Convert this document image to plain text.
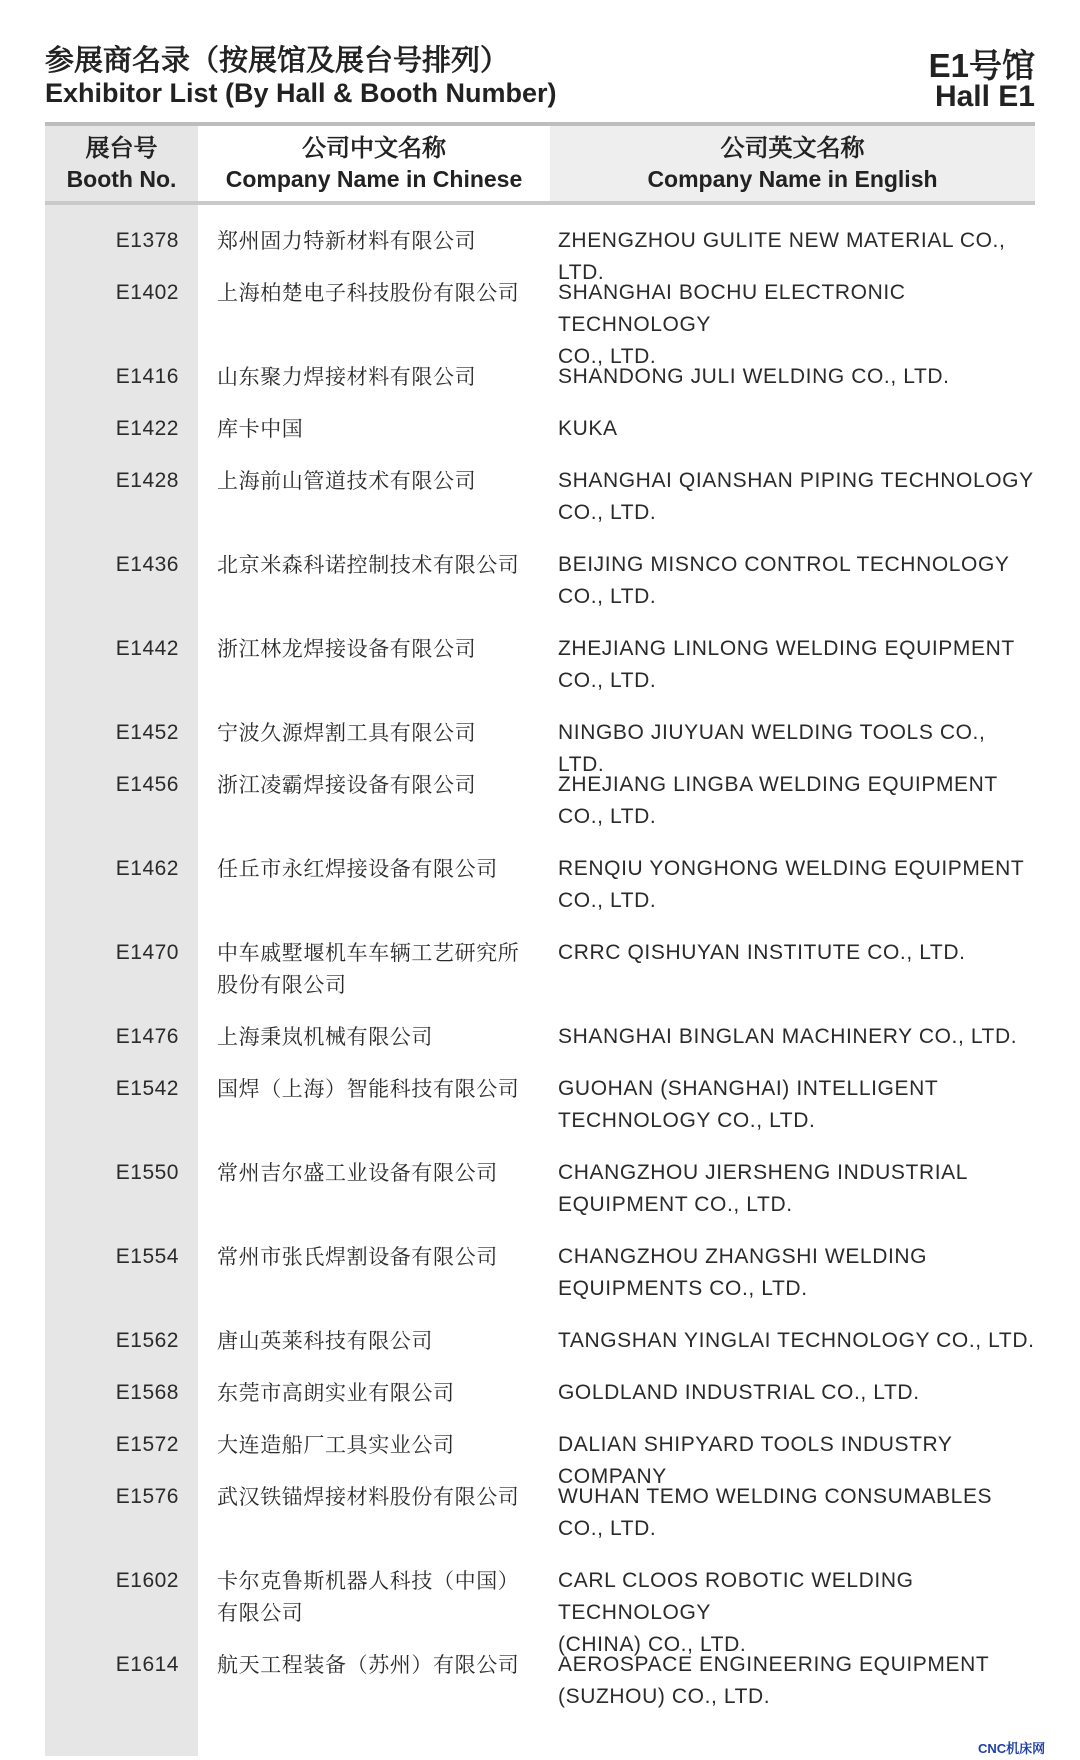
参展商名录（按展馆及展台号排列）
Exhibitor List (By Hall & Booth Number)
E1号馆
Hall E1
展台号
Booth No.
公司中文名称
Company Name in Chinese
公司英文名称
Company Name in English
E1378 郑州固力特新材料有限公司	ZHENGZHOU GULITE NEW MATERIAL CO., LTD.
E1402 上海柏楚电子科技股份有限公司	SHANGHAI BOCHU ELECTRONIC TECHNOLOGY
CO., LTD.
E1416 山东聚力焊接材料有限公司	SHANDONG JULI WELDING CO., LTD.
E1422 库卡中国	KUKA
E1428 上海前山管道技术有限公司	SHANGHAI QIANSHAN PIPING TECHNOLOGY
CO., LTD.
E1436 北京米森科诺控制技术有限公司	BEIJING MISNCO CONTROL TECHNOLOGY
CO., LTD.
E1442 浙江林龙焊接设备有限公司	ZHEJIANG LINLONG WELDING EQUIPMENT
CO., LTD.
E1452 宁波久源焊割工具有限公司	NINGBO JIUYUAN WELDING TOOLS CO., LTD.
E1456 浙江凌霸焊接设备有限公司	ZHEJIANG LINGBA WELDING EQUIPMENT
CO., LTD.
E1462 任丘市永红焊接设备有限公司	RENQIU YONGHONG WELDING EQUIPMENT
CO., LTD.
E1470 中车戚墅堰机车车辆工艺研究所
股份有限公司
CRRC QISHUYAN INSTITUTE CO., LTD.
E1476 上海秉岚机械有限公司	SHANGHAI BINGLAN MACHINERY CO., LTD.
E1542 国焊（上海）智能科技有限公司	GUOHAN (SHANGHAI) INTELLIGENT
TECHNOLOGY CO., LTD.
E1550 常州吉尔盛工业设备有限公司	CHANGZHOU JIERSHENG INDUSTRIAL
EQUIPMENT CO., LTD.
E1554 常州市张氏焊割设备有限公司	CHANGZHOU ZHANGSHI WELDING
EQUIPMENTS CO., LTD.
E1562 唐山英莱科技有限公司	TANGSHAN YINGLAI TECHNOLOGY CO., LTD.
E1568 东莞市高朗实业有限公司	GOLDLAND INDUSTRIAL CO., LTD.
E1572 大连造船厂工具实业公司	DALIAN SHIPYARD TOOLS INDUSTRY COMPANY
E1576 武汉铁锚焊接材料股份有限公司	WUHAN TEMO WELDING CONSUMABLES
CO., LTD.
E1602 卡尔克鲁斯机器人科技（中国）
有限公司
CARL CLOOS ROBOTIC WELDING TECHNOLOGY
(CHINA) CO., LTD.
E1614 航天工程装备（苏州）有限公司	AEROSPACE ENGINEERING EQUIPMENT
(SUZHOU) CO., LTD.
CNC机床网
